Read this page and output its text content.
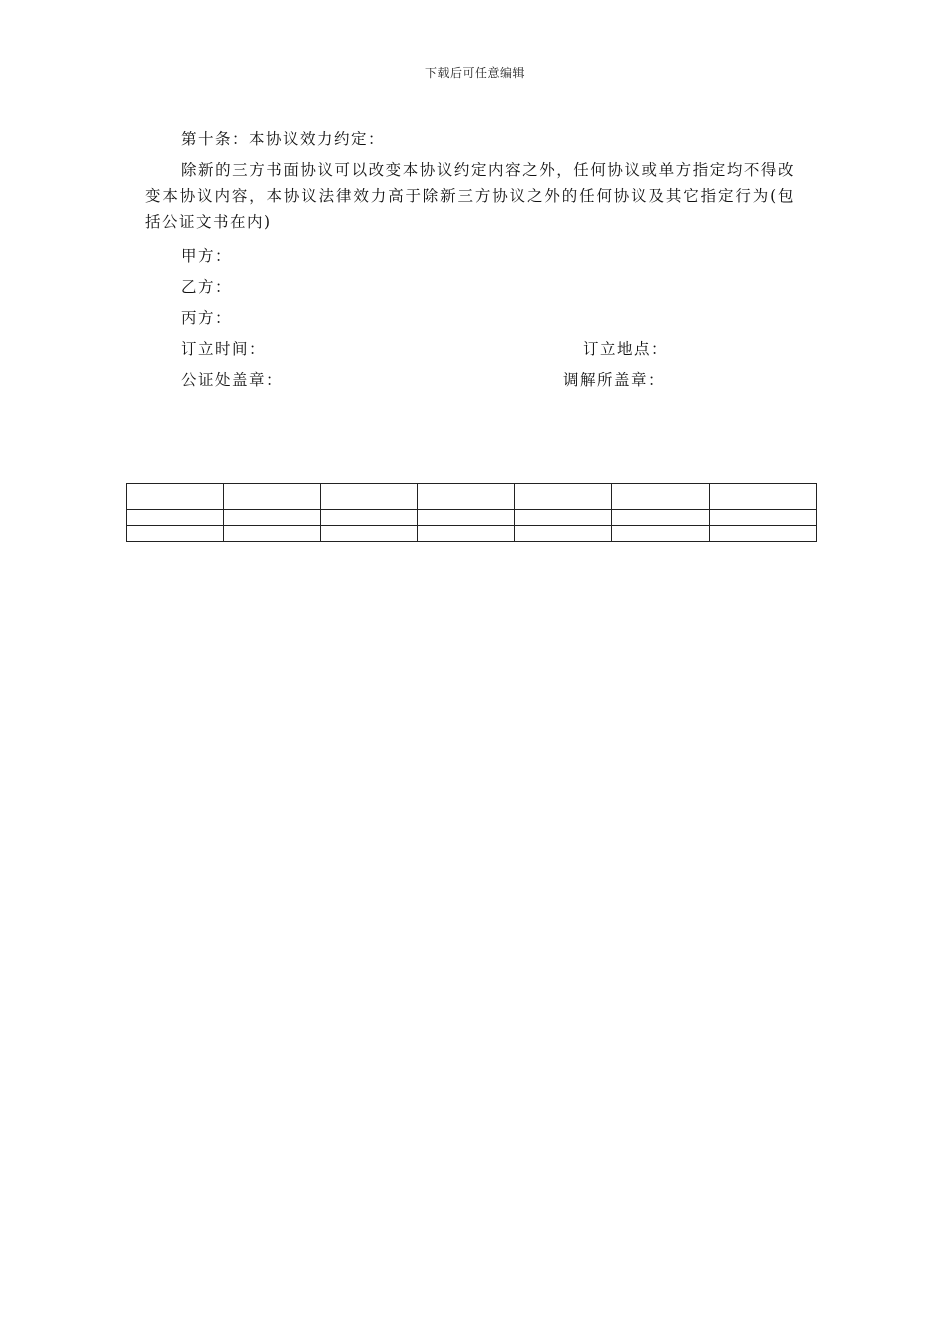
下载后可任意编辑
第十条：本协议效力约定：

除新的三方书面协议可以改变本协议约定内容之外，任何协议或单方指定均不得改变本协议内容，本协议法律效力高于除新三方协议之外的任何协议及其它指定行为(包括公证文书在内)

甲方：
乙方：
丙方：
订立时间：	订立地点：
公证处盖章：	调解所盖章：
